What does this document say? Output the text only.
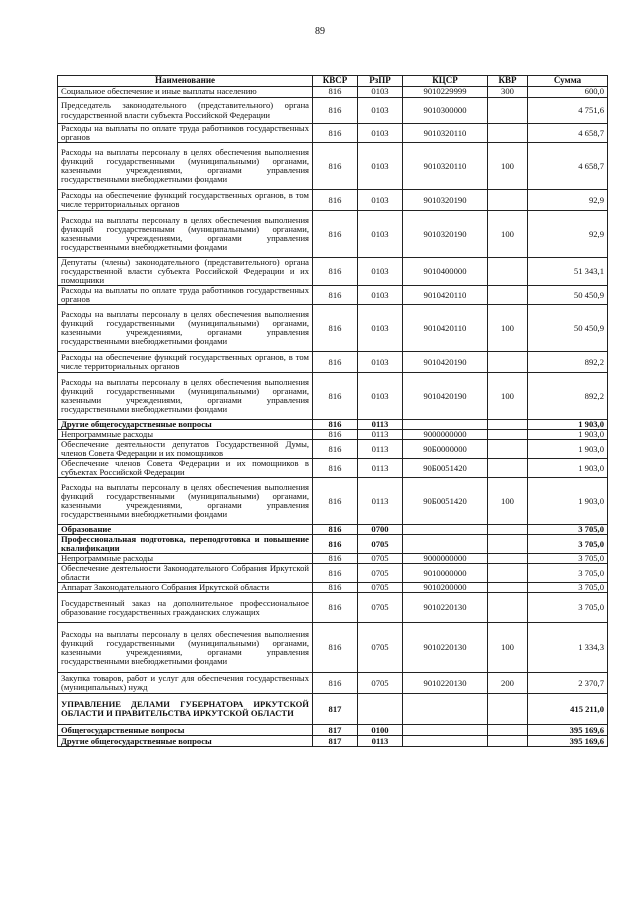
89
Наименование	КВСР	РзПР	КЦСР	КВР	Сумма
Социальное обеспечение и иные выплаты населению	816	0103	9010229999	300	600,0
Председатель законодательного (представительного) органа государственной власти субъекта Российской Федерации	816	0103	9010300000		4 751,6
Расходы на выплаты по оплате труда работников государственных органов	816	0103	9010320110		4 658,7
Расходы на выплаты персоналу в целях обеспечения выполнения функций государственными (муниципальными) органами, казенными учреждениями, органами управления государственными внебюджетными фондами	816	0103	9010320110	100	4 658,7
Расходы на обеспечение функций государственных органов, в том числе территориальных органов	816	0103	9010320190		92,9
Расходы на выплаты персоналу в целях обеспечения выполнения функций государственными (муниципальными) органами, казенными учреждениями, органами управления государственными внебюджетными фондами	816	0103	9010320190	100	92,9
Депутаты (члены) законодательного (представительного) органа государственной власти субъекта Российской Федерации и их помощники	816	0103	9010400000		51 343,1
Расходы на выплаты по оплате труда работников государственных органов	816	0103	9010420110		50 450,9
Расходы на выплаты персоналу в целях обеспечения выполнения функций государственными (муниципальными) органами, казенными учреждениями, органами управления государственными внебюджетными фондами	816	0103	9010420110	100	50 450,9
Расходы на обеспечение функций государственных органов, в том числе территориальных органов	816	0103	9010420190		892,2
Расходы на выплаты персоналу в целях обеспечения выполнения функций государственными (муниципальными) органами, казенными учреждениями, органами управления государственными внебюджетными фондами	816	0103	9010420190	100	892,2
Другие общегосударственные вопросы	816	0113			1 903,0
Непрограммные расходы	816	0113	9000000000		1 903,0
Обеспечение деятельности депутатов Государственной Думы, членов Совета Федерации и их помощников	816	0113	90Б0000000		1 903,0
Обеспечение членов Совета Федерации и их помощников в субъектах Российской Федерации	816	0113	90Б0051420		1 903,0
Расходы на выплаты персоналу в целях обеспечения выполнения функций государственными (муниципальными) органами, казенными учреждениями, органами управления государственными внебюджетными фондами	816	0113	90Б0051420	100	1 903,0
Образование	816	0700			3 705,0
Профессиональная подготовка, переподготовка и повышение квалификации	816	0705			3 705,0
Непрограммные расходы	816	0705	9000000000		3 705,0
Обеспечение деятельности Законодательного Собрания Иркутской области	816	0705	9010000000		3 705,0
Аппарат Законодательного Собрания Иркутской области	816	0705	9010200000		3 705,0
Государственный заказ на дополнительное профессиональное образование государственных гражданских служащих	816	0705	9010220130		3 705,0
Расходы на выплаты персоналу в целях обеспечения выполнения функций государственными (муниципальными) органами, казенными учреждениями, органами управления государственными внебюджетными фондами	816	0705	9010220130	100	1 334,3
Закупка товаров, работ и услуг для обеспечения государственных (муниципальных) нужд	816	0705	9010220130	200	2 370,7
УПРАВЛЕНИЕ ДЕЛАМИ ГУБЕРНАТОРА ИРКУТСКОЙ ОБЛАСТИ И ПРАВИТЕЛЬСТВА ИРКУТСКОЙ ОБЛАСТИ	817				415 211,0
Общегосударственные вопросы	817	0100			395 169,6
Другие общегосударственные вопросы	817	0113			395 169,6
